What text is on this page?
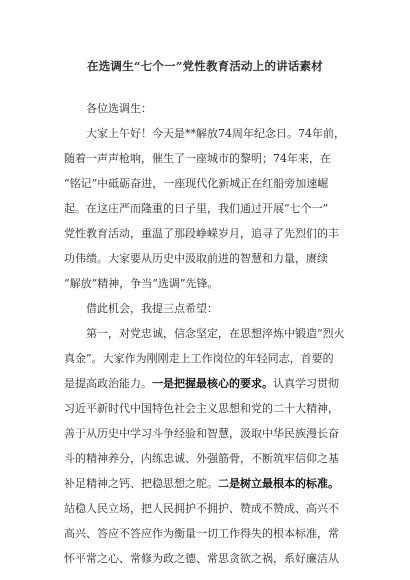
在选调生“七个一”党性教育活动上的讲话素材

各位选调生：

大家上午好！今天是**解放74周年纪念日。74年前，
随着一声声枪响，催生了一座城市的黎明；74年来，在
“铭记”中砥砺奋进，一座现代化新城正在红船旁加速崛
起。在这庄严而隆重的日子里，我们通过开展“七个一”
党性教育活动，重温了那段峥嵘岁月，追寻了先烈们的丰
功伟绩。大家要从历史中汲取前进的智慧和力量，赓续
“解放”精神，争当“选调”先锋。

借此机会，我提三点希望：

第一，对党忠诚，信念坚定，在思想淬炼中锻造“烈火
真金”。大家作为刚刚走上工作岗位的年轻同志，首要的
是提高政治能力。一是把握最核心的要求。认真学习贯彻
习近平新时代中国特色社会主义思想和党的二十大精神，
善于从历史中学习斗争经验和智慧，汲取中华民族漫长奋
斗的精神养分，内练忠诚、外强筋骨，不断筑牢信仰之基
补足精神之钙、把稳思想之舵。二是树立最根本的标准。
站稳人民立场，把人民拥护不拥护、赞成不赞成、高兴不
高兴、答应不答应作为衡量一切工作得失的根本标准，常
怀平常之心、常修为政之德、常思贪欲之祸，系好廉洁从
